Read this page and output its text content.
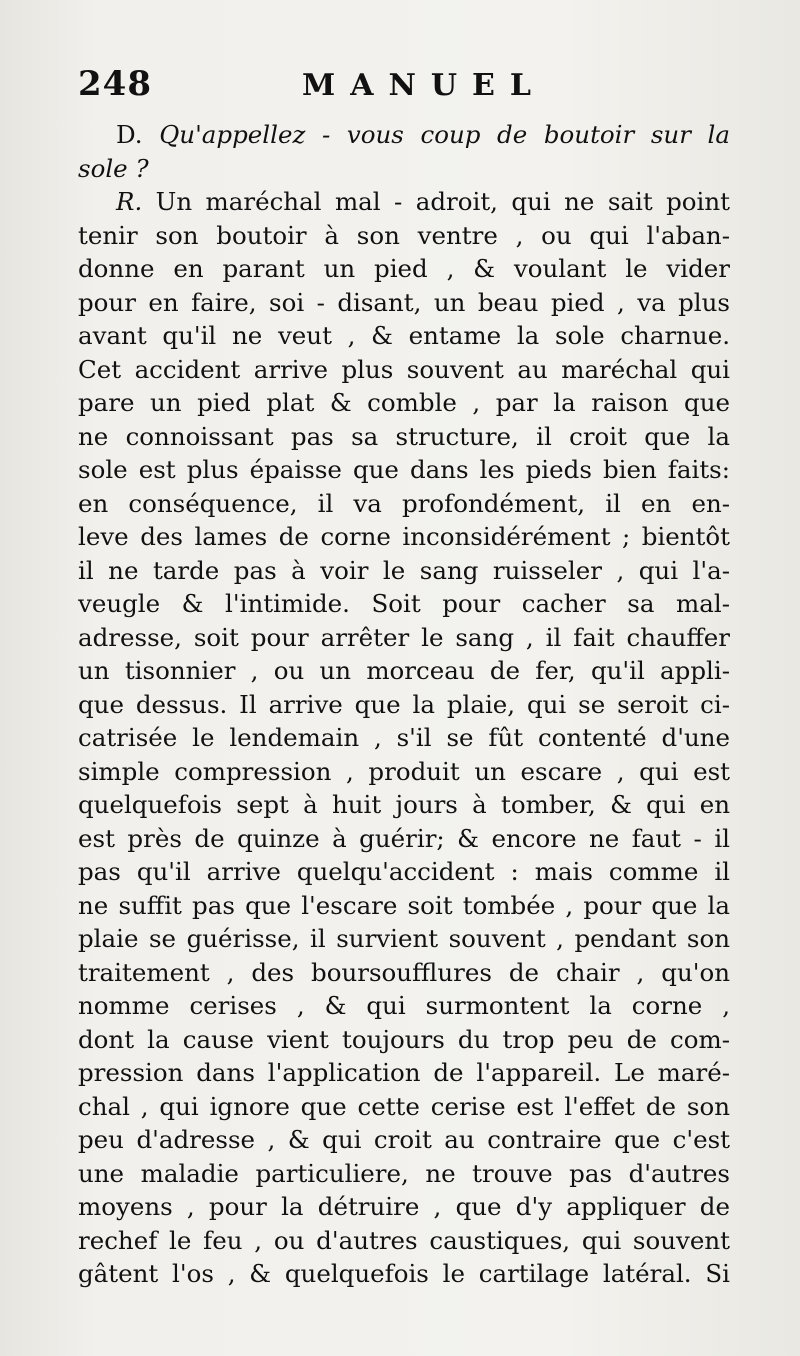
248	MANUEL
D. Qu'appellez - vous coup de boutoir sur la
sole ?
R. Un maréchal mal - adroit, qui ne sait point
tenir son boutoir à son ventre , ou qui l'aban-
donne en parant un pied , & voulant le vider
pour en faire, soi - disant, un beau pied , va plus
avant qu'il ne veut , & entame la sole charnue.
Cet accident arrive plus souvent au maréchal qui
pare un pied plat & comble , par la raison que
ne connoissant pas sa structure, il croit que la
sole est plus épaisse que dans les pieds bien faits:
en conséquence, il va profondément, il en en-
leve des lames de corne inconsidérément ; bientôt
il ne tarde pas à voir le sang ruisseler , qui l'a-
veugle & l'intimide. Soit pour cacher sa mal-
adresse, soit pour arrêter le sang , il fait chauffer
un tisonnier , ou un morceau de fer, qu'il appli-
que dessus. Il arrive que la plaie, qui se seroit ci-
catrisée le lendemain , s'il se fût contenté d'une
simple compression , produit un escare , qui est
quelquefois sept à huit jours à tomber, & qui en
est près de quinze à guérir; & encore ne faut - il
pas qu'il arrive quelqu'accident : mais comme il
ne suffit pas que l'escare soit tombée , pour que la
plaie se guérisse, il survient souvent , pendant son
traitement , des boursoufflures de chair , qu'on
nomme cerises , & qui surmontent la corne ,
dont la cause vient toujours du trop peu de com-
pression dans l'application de l'appareil. Le maré-
chal , qui ignore que cette cerise est l'effet de son
peu d'adresse , & qui croit au contraire que c'est
une maladie particuliere, ne trouve pas d'autres
moyens , pour la détruire , que d'y appliquer de
rechef le feu , ou d'autres caustiques, qui souvent
gâtent l'os , & quelquefois le cartilage latéral. Si
